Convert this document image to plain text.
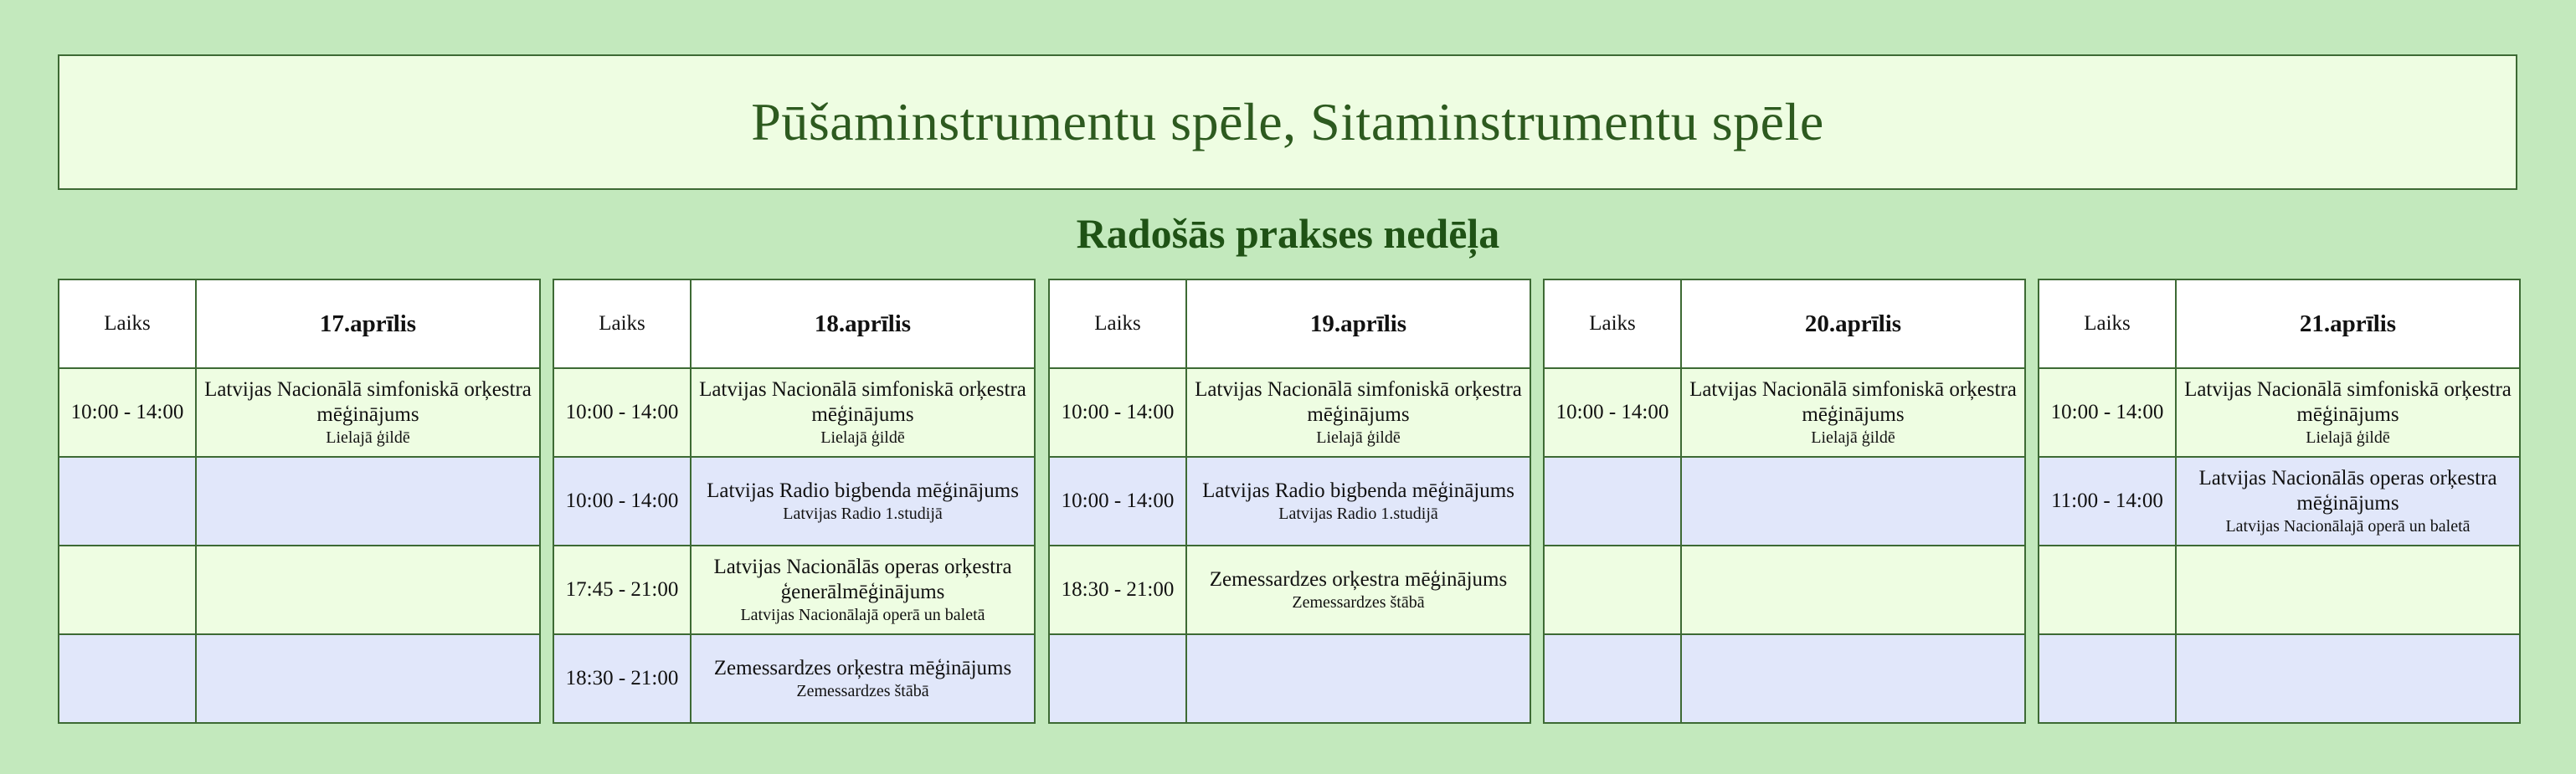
Pūšaminstrumentu spēle, Sitaminstrumentu spēle
Radošās prakses nedēļa
Laiks	17.aprīlis
10:00 - 14:00	Latvijas Nacionālā simfoniskā orķestra mēģinājums
Lielajā ģildē

Laiks	18.aprīlis
10:00 - 14:00	Latvijas Nacionālā simfoniskā orķestra mēģinājums
Lielajā ģildē

10:00 - 14:00	Latvijas Radio bigbenda mēģinājums
Latvijas Radio 1.studijā

17:45 - 21:00	Latvijas Nacionālās operas orķestra ģenerālmēģinājums
Latvijas Nacionālajā operā un baletā

18:30 - 21:00	Zemessardzes orķestra mēģinājums
Zemessardzes štābā
Laiks	19.aprīlis
10:00 - 14:00	Latvijas Nacionālā simfoniskā orķestra mēģinājums
Lielajā ģildē

10:00 - 14:00	Latvijas Radio bigbenda mēģinājums
Latvijas Radio 1.studijā

18:30 - 21:00	Zemessardzes orķestra mēģinājums
Zemessardzes štābā

Laiks	20.aprīlis
10:00 - 14:00	Latvijas Nacionālā simfoniskā orķestra mēģinājums
Lielajā ģildē

Laiks	21.aprīlis
10:00 - 14:00	Latvijas Nacionālā simfoniskā orķestra mēģinājums
Lielajā ģildē

11:00 - 14:00	Latvijas Nacionālās operas orķestra mēģinājums
Latvijas Nacionālajā operā un baletā
